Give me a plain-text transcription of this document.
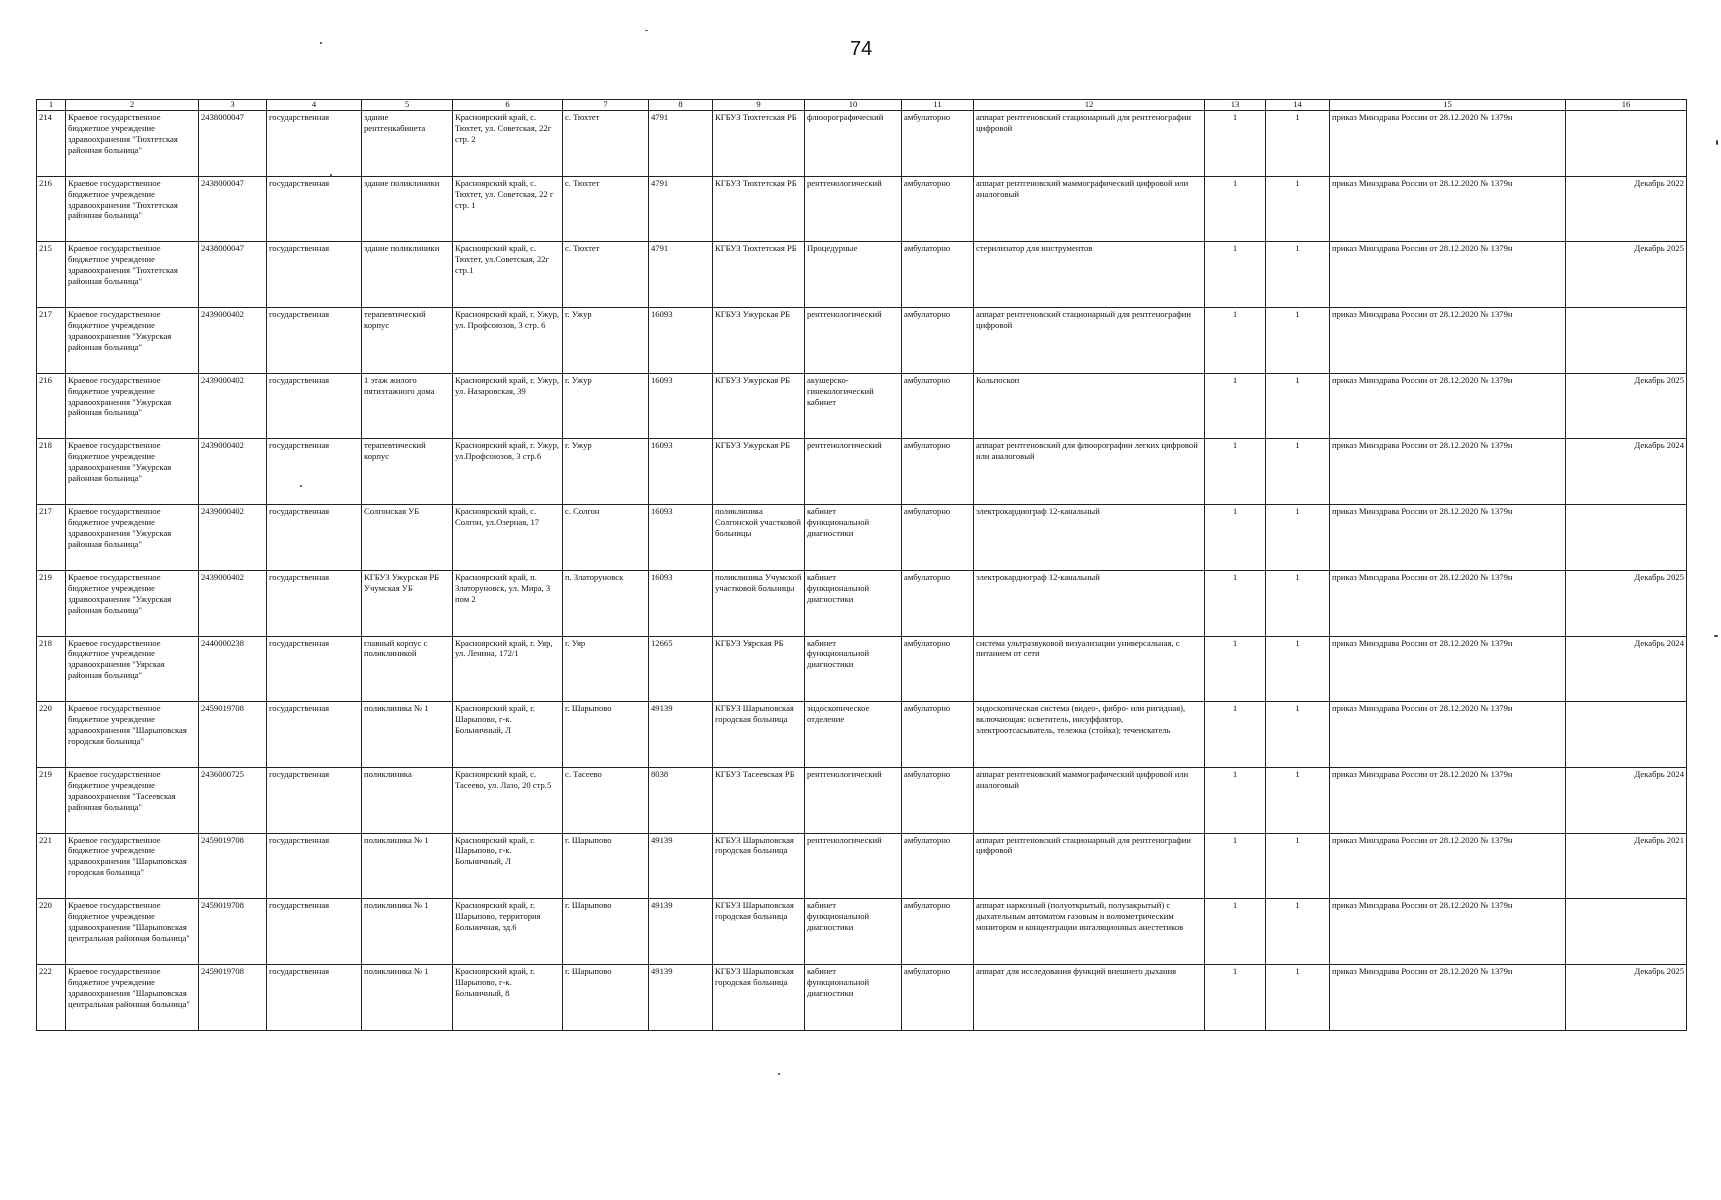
74
1	2	3	4	5	6	7	8	9	10	11	12	13	14	15	16
214	Краевое государственное бюджетное учреждение здравоохранения "Тюхтетская районная больница"	2438000047	государственная	здание рентгенкабинета	Красноярский край, с. Тюхтет, ул. Советская, 22г стр. 2	с. Тюхтет	4791	КГБУЗ Тюхтетская РБ	флюорографический	амбулаторно	аппарат рентгеновский стационарный для рентгенографии цифровой	1	1	приказ Минздрава России от 28.12.2020 № 1379н	
216	Краевое государственное бюджетное учреждение здравоохранения "Тюхтетская районная больница"	2438000047	государственная	здание поликлиники	Красноярский край, с. Тюхтет, ул. Советская, 22 г стр. 1	с. Тюхтет	4791	КГБУЗ Тюхтетская РБ	рентгенологический	амбулаторно	аппарат рентгеновский маммографический цифровой или аналоговый	1	1	приказ Минздрава России от 28.12.2020 № 1379н	Декабрь 2022
215	Краевое государственное бюджетное учреждение здравоохранения "Тюхтетская районная больница"	2438000047	государственная	здание поликлиники	Красноярский край, с. Тюхтет, ул.Советская, 22г стр.1	с. Тюхтет	4791	КГБУЗ Тюхтетская РБ	Процедурные	амбулаторно	стерилизатор для инструментов	1	1	приказ Минздрава России от 28.12.2020 № 1379н	Декабрь 2025
217	Краевое государственное бюджетное учреждение здравоохранения "Ужурская районная больница"	2439000402	государственная	терапевтический корпус	Красноярский край, г. Ужур, ул. Профсоюзов, 3 стр. 6	г. Ужур	16093	КГБУЗ Ужурская РБ	рентгенологический	амбулаторно	аппарат рентгеновский стационарный для рентгенографии цифровой	1	1	приказ Минздрава России от 28.12.2020 № 1379н	
216	Краевое государственное бюджетное учреждение здравоохранения "Ужурская районная больница"	2439000402	государственная	1 этаж жилого пятиэтажного дома	Красноярский край, г. Ужур, ул. Назаровская, 39	г. Ужур	16093	КГБУЗ Ужурская РБ	акушерско-гинекологический кабинет	амбулаторно	Кольпоскоп	1	1	приказ Минздрава России от 28.12.2020 № 1379н	Декабрь 2025
218	Краевое государственное бюджетное учреждение здравоохранения "Ужурская районная больница"	2439000402	государственная	терапевтический корпус	Красноярский край, г. Ужур, ул.Профсоюзов, 3 стр.6	г. Ужур	16093	КГБУЗ Ужурская РБ	рентгенологический	амбулаторно	аппарат рентгеновский для флюорографии легких цифровой или аналоговый	1	1	приказ Минздрава России от 28.12.2020 № 1379н	Декабрь 2024
217	Краевое государственное бюджетное учреждение здравоохранения "Ужурская районная больница"	2439000402	государственная	Солгонская УБ	Красноярский край, с. Солгон, ул.Озерная, 17	с. Солгон	16093	поликлиника Солгонской участковой больницы	кабинет функциональной диагностики	амбулаторно	электрокардиограф 12-канальный	1	1	приказ Минздрава России от 28.12.2020 № 1379н	
219	Краевое государственное бюджетное учреждение здравоохранения "Ужурская районная больница"	2439000402	государственная	КГБУЗ Ужурская РБ Учумская УБ	Красноярский край, п. Златоруновск, ул. Мира, 3 пом 2	п. Златоруновск	16093	поликлиника Учумской участковой больницы	кабинет функциональной диагностики	амбулаторно	электрокардиограф 12-канальный	1	1	приказ Минздрава России от 28.12.2020 № 1379н	Декабрь 2025
218	Краевое государственное бюджетное учреждение здравоохранения "Уярская районная больница"	2440000238	государственная	главный корпус с поликлиникой	Красноярский край, г. Уяр, ул. Ленина, 172/1	г. Уяр	12665	КГБУЗ Уярская РБ	кабинет функциональной диагностики	амбулаторно	система ультразвуковой визуализации универсальная, с питанием от сети	1	1	приказ Минздрава России от 28.12.2020 № 1379н	Декабрь 2024
220	Краевое государственное бюджетное учреждение здравоохранения "Шарыповская городская больница"	2459019708	государственная	поликлиника № 1	Красноярский край, г. Шарыпово, г-к. Больничный, Л	г. Шарыпово	49139	КГБУЗ Шарыповская городская больница	эндоскопическое отделение	амбулаторно	эндоскопическая система (видео-, фибро- или ригидная), включающая: осветитель, инсуффлятор, электроотсасыватель, тележка (стойка); течеискатель	1	1	приказ Минздрава России от 28.12.2020 № 1379н	
219	Краевое государственное бюджетное учреждение здравоохранения "Тасеевская районная больница"	2436000725	государственная	поликлиника	Красноярский край, с. Тасеево, ул. Лазо, 20 стр.5	с. Тасеево	8038	КГБУЗ Тасеевская РБ	рентгенологический	амбулаторно	аппарат рентгеновский маммографический цифровой или аналоговый	1	1	приказ Минздрава России от 28.12.2020 № 1379н	Декабрь 2024
221	Краевое государственное бюджетное учреждение здравоохранения "Шарыповская городская больница"	2459019708	государственная	поликлиника № 1	Красноярский край, г. Шарыпово, г-к. Больничный, Л	г. Шарыпово	49139	КГБУЗ Шарыповская городская больница	рентгенологический	амбулаторно	аппарат рентгеновский стационарный для рентгенографии цифровой	1	1	приказ Минздрава России от 28.12.2020 № 1379н	Декабрь 2021
220	Краевое государственное бюджетное учреждение здравоохранения "Шарыповская центральная районная больница"	2459019708	государственная	поликлиника № 1	Красноярский край, г. Шарыпово, территория Больничная, зд.6	г. Шарыпово	49139	КГБУЗ Шарыповская городская больница	кабинет функциональной диагностики	амбулаторно	аппарат наркозный (полуоткрытый, полузакрытый) с дыхательным автоматом газовым и волюметрическим монитором и концентрации ингаляционных анестетиков	1	1	приказ Минздрава России от 28.12.2020 № 1379н	
222	Краевое государственное бюджетное учреждение здравоохранения "Шарыповская центральная районная больница"	2459019708	государственная	поликлиника № 1	Красноярский край, г. Шарыпово, г-к. Больничный, 8	г. Шарыпово	49139	КГБУЗ Шарыповская городская больница	кабинет функциональной диагностики	амбулаторно	аппарат для исследования функций внешнего дыхания	1	1	приказ Минздрава России от 28.12.2020 № 1379н	Декабрь 2025
